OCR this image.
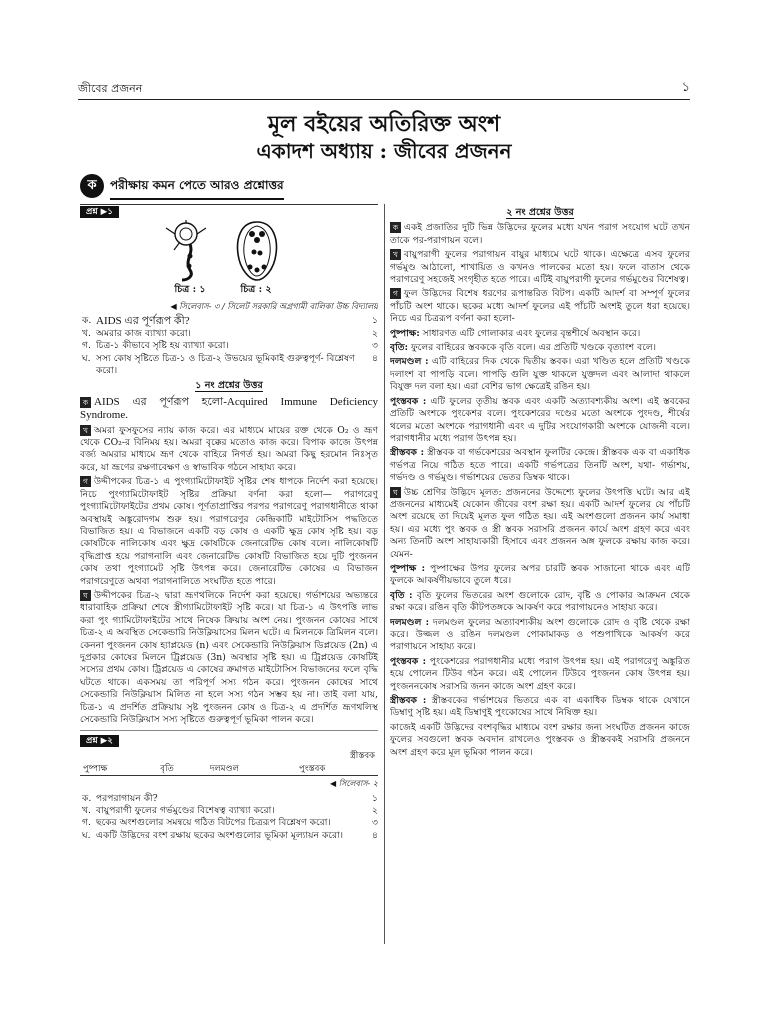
জীবের প্রজনন	১
মূল বইয়ের অতিরিক্ত অংশ
একাদশ অধ্যায় : জীবের প্রজনন
ক	পরীক্ষায় কমন পেতে আরও প্রশ্নোত্তর
প্রশ্ন ▶১
চিত্র : ১	চিত্র : ২
◀ সিলেবাস- ৩ / সিলেট সরকারি অগ্রগামী বালিকা উচ্চ বিদ্যালয়
ক. AIDS এর পূর্ণরূপ কী?	১
খ. অমরার কাজ ব্যাখ্যা করো।	২
গ. চিত্র-১ কীভাবে সৃষ্টি হয় ব্যাখ্যা করো।	৩
ঘ. সস্য কোষ সৃষ্টিতে চিত্র-১ ও চিত্র-২ উভয়ের ভূমিকাই গুরুত্বপূর্ণ- বিশ্লেষণ করো।
৪
১ নং প্রশ্নের উত্তর
ক AIDS এর পূর্ণরূপ হলো-Acquired Immune Deficiency Syndrome.
খ অমরা ফুসফুসের ন্যায় কাজ করে। এর মাধ্যমে মায়ের রক্ত থেকে O₂ ও ভ্রূণ থেকে CO₂-র বিনিময় হয়। অমরা বৃক্কের মতোও কাজ করে। বিপাক কাজে উৎপন্ন বর্জ্য অমরার মাধ্যমে ভ্রূণ থেকে বাহিরে নিগর্ত হয়। অমরা কিছু হরমোন নিঃসৃত করে, যা ভ্রূণের রক্ষণাবেক্ষণ ও স্বাভাবিক গঠনে সাহায্য করে।
গ উদ্দীপকের চিত্র-১ এ পুংগ্যামিটোফাইট সৃষ্টির শেষ ধাপকে নির্দেশ করা হয়েছে। নিচে পুংগ্যামিটোফাইট সৃষ্টির প্রক্রিয়া বর্ণনা করা হলো— পরাগরেণু পুংগ্যামিটোফাইটের প্রথম কোষ। পূর্ণতাপ্রাপ্তির পরপর পরাগরেণু পরাগধানীতে থাকা অবস্থায়ই অঙ্কুরোদগম শুরু হয়। পরাগরেণুর কেন্দ্রিকাটি মাইটোসিস পদ্ধতিতে বিভাজিত হয়। এ বিভাজনে একটি বড় কোষ ও একটি ক্ষুদ্র কোষ সৃষ্টি হয়। বড় কোষটিকে নালিকোষ এবং ক্ষুদ্র কোষটিকে জেনারেটিভ কোষ বলে। নালিকোষটি বৃদ্ধিপ্রাপ্ত হয়ে পরাগনালি এবং জেনারেটিভ কোষটি বিভাজিত হয়ে দুটি পুংজনন কোষ তথা পুংগ্যামেট সৃষ্টি উৎপন্ন করে। জেনারেটিভ কোষের এ বিভাজন পরাগরেণুতে অথবা পরাগনালিতে সংঘটিত হতে পারে।
ঘ উদ্দীপকের চিত্র-২ দ্বারা ভ্রূণথলিকে নির্দেশ করা হয়েছে। গর্ভাশয়ের অভ্যন্তরে ধারাবাহিক প্রক্রিয়া শেষে স্ত্রীগ্যামিটোফাইট সৃষ্টি করে। যা চিত্র-১ এ উৎপত্তি লাভ করা পুং গ্যামিটোফাইটের সাথে নিষেক ক্রিয়ায় অংশ নেয়। পুংজনন কোষের সাথে চিত্র-২ এ অবস্থিত সেকেন্ডারি নিউক্লিয়াসের মিলন ঘটে। এ মিলনকে ত্রিমিলন বলে। কেননা পুংজনন কোষ হ্যাপ্লয়েড (n) এবং সেকেন্ডারি নিউক্লিয়াস ডিপ্লয়েড (2n) এ দুপ্রকার কোষের মিলনে ট্রিপ্লয়েড (3n) অবস্থার সৃষ্টি হয়। এ ট্রিপ্লয়েড কোষটিই সস্যের প্রথম কোষ। ট্রিপ্লয়েড এ কোষের ক্রমাগত মাইটোসিস বিভাজনের ফলে বৃদ্ধি ঘটতে থাকে। একসময় তা পরিপূর্ণ সস্য গঠন করে। পুংজনন কোষের সাথে সেকেন্ডারি নিউক্লিয়াস মিলিত না হলে সস্য গঠন সম্ভব হয় না। তাই বলা যায়, চিত্র-১ এ প্রদর্শিত প্রক্রিয়ায় সৃষ্ট পুংজনন কোষ ও চিত্র-২ এ প্রদর্শিত ভ্রূণথলিস্থ সেকেন্ডারি নিউক্লিয়াস সস্য সৃষ্টিতে গুরুত্বপূর্ণ ভূমিকা পালন করে।
প্রশ্ন ▶২
স্ত্রীস্তবক
পুষ্পাক্ষ	বৃতি	দলমণ্ডল	পুংস্তবক
◀ সিলেবাস- ২
ক. পরপরাগায়ন কী?	১
খ. বায়ুপরাগী ফুলের গর্ভমুণ্ডের বিশেষত্ব ব্যাখ্যা করো।	২
গ. ছকের অংশগুলোর সমন্বয়ে গঠিত বিটপের চিত্ররূপ বিশ্লেষণ করো।	৩
ঘ. একটি উদ্ভিদের বংশ রক্ষায় ছকের অংশগুলোর ভূমিকা মূল্যায়ন করো।	৪
২ নং প্রশ্নের উত্তর
ক একই প্রজাতির দুটি ভিন্ন উদ্ভিদের ফুলের মধ্যে যখন পরাগ সংযোগ ঘটে তখন তাকে পর-পরাগায়ন বলে।
খ বায়ুপরাগী ফুলের পরাগায়ন বায়ুর মাধ্যমে ঘটে থাকে। এক্ষেত্রে এসব ফুলের গর্ভমুণ্ড আঠালো, শাখায়িত ও কখনও পালকের মতো হয়। ফলে বাতাস থেকে পরাগরেণু সহজেই সংগৃহীত হতে পারে। এটিই বায়ুপরাগী ফুলের গর্ভমুণ্ডের বিশেষত্ব।
গ ফুল উদ্ভিদের বিশেষ ধরণের রূপান্তরিত বিটপ। একটি আদর্শ বা সম্পূর্ণ ফুলের পাঁচটি অংশ থাকে। ছকের মধ্যে আদর্শ ফুলের এই পাঁচটি অংশই তুলে ধরা হয়েছে। নিচে এর চিত্ররূপ বর্ণনা করা হলো-
পুষ্পাক্ষ: সাধারণত এটি গোলাকার এবং ফুলের বৃন্তশীর্ষে অবস্থান করে।
বৃতি: ফুলের বাহিরের স্তবককে বৃতি বলে। এর প্রতিটি খণ্ডকে বৃত্যাংশ বলে।
দলমণ্ডল : এটি বাহিরের দিক থেকে দ্বিতীয় স্তবক। এরা খণ্ডিত হলে প্রতিটি খণ্ডকে দলাংশ বা পাপড়ি বলে। পাপড়ি গুলি যুক্ত থাকলে যুক্তদল এবং আলাদা থাকলে বিযুক্ত দল বলা হয়। এরা বেশির ভাগ ক্ষেত্রেই রঙিন হয়।
পুংস্তবক : এটি ফুলের তৃতীয় স্তবক এবং একটি অত্যাবশ্যকীয় অংশ। এই স্তবকের প্রতিটি অংশকে পুংকেশর বলে। পুংকেশরের দণ্ডের মতো অংশকে পুংদণ্ড, শীর্ষের থলের মতো অংশকে পরাগধানী এবং এ দুটির সংযোগকারী অংশকে যোজনী বলে। পরাগধানীর মধ্যে পরাগ উৎপন্ন হয়।
স্ত্রীস্তবক : স্ত্রীস্তবক বা গর্ভকেশরের অবস্থান ফুলটির কেন্দ্রে। স্ত্রীস্তবক এক বা একাধিক গর্ভপত্র নিয়ে গঠিত হতে পারে। একটি গর্ভপত্রের তিনটি অংশ, যথা- গর্ভাশয়, গর্ভদণ্ড ও গর্ভমুণ্ড। গর্ভাশয়ের ভেতর ডিম্বক থাকে।
ঘ উচ্চ শ্রেণির উদ্ভিদে মূলত: প্রজননের উদ্দেশ্যে ফুলের উৎপত্তি ঘটে। আর এই প্রজননের মাধ্যমেই যেকোন জীবের বংশ রক্ষা হয়। একটি আদর্শ ফুলের যে পাঁচটি অংশ রয়েছে তা দিয়েই মূলত ফুল গঠিত হয়। এই অংশগুলো প্রজনন কার্য সমাধা হয়। এর মধ্যে পুং স্তবক ও স্ত্রী স্তবক সরাসরি প্রজনন কার্যে অংশ গ্রহণ করে এবং অন্য তিনটি অংশ সাহায্যকারী হিসাবে এবং প্রজনন অঙ্গ ফুলকে রক্ষায় কাজ করে। যেমন-
পুষ্পাক্ষ : পুষ্পাক্ষের উপর ফুলের অপর চারটি স্তবক সাজানো থাকে এবং এটি ফুলকে আকর্ষণীয়ভাবে তুলে ধরে।
বৃতি : বৃতি ফুলের ভিতরের অংশ গুলোকে রোদ, বৃষ্টি ও পোকার আক্রমন থেকে রক্ষা করে। রঙিন বৃতি কীটপতঙ্গকে আকর্ষণ করে পরাগায়নেও সাহায্য করে।
দলমণ্ডল : দলমণ্ডল ফুলের অত্যাবশ্যকীয় অংশ গুলোকে রোদ ও বৃষ্টি থেকে রক্ষা করে। উজ্জল ও রঙিন দলমণ্ডল পোকামাকড় ও পশুপাখিকে আকর্ষণ করে পরাগায়নে সাহায্য করে।
পুংস্তবক : পুংকেশরের পরাগধানীর মধ্যে পরাগ উৎপন্ন হয়। এই পরাগরেণু অঙ্কুরিত হয়ে পোলেন টিউব গঠন করে। এই পোলেন টিউবে পুংজনন কোষ উৎপন্ন হয়। পুংজননকোষ সরাসরি জনন কাজে অংশ গ্রহণ করে।
স্ত্রীস্তবক : স্ত্রীস্তবকের গর্ভাশয়ের ভিতরে এক বা একাধিক ডিম্বক থাকে যেখানে ডিম্বাণু সৃষ্টি হয়। এই ডিম্বাণুই পুংকোষের সাথে নিষিক্ত হয়।
কাজেই একটি উদ্ভিদের বংশবৃদ্ধির মাধ্যমে বংশ রক্ষার জন্য সংঘটিত প্রজনন কাজে ফুলের সবগুলো স্তবক অবদান রাখলেও পুংস্তবক ও স্ত্রীস্তবকই সরাসরি প্রজননে অংশ গ্রহণ করে মূল ভূমিকা পালন করে।
